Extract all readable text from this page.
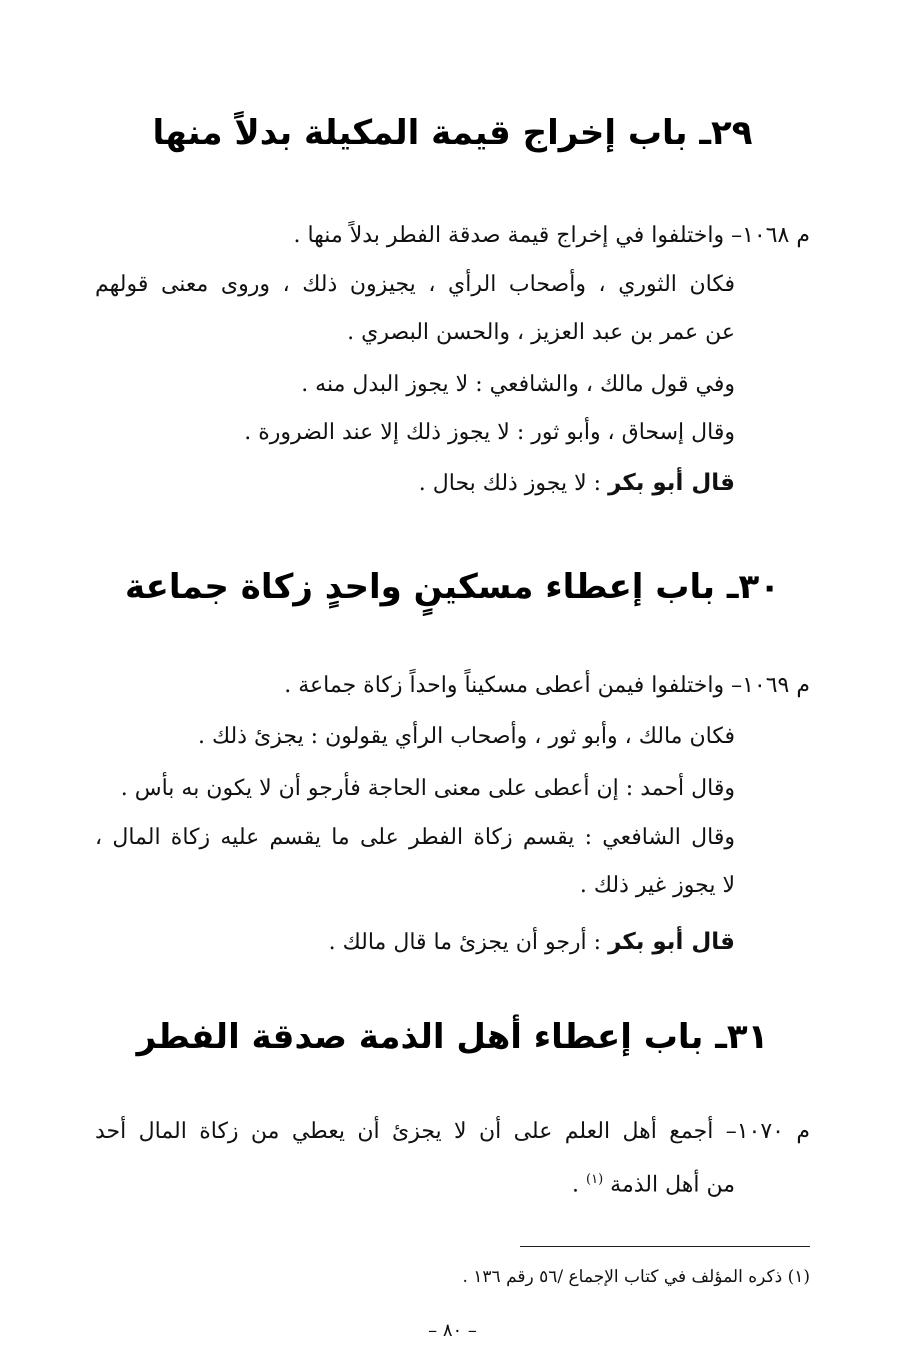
٢٩ـ باب إخراج قيمة المكيلة بدلاً منها
م ١٠٦٨– واختلفوا في إخراج قيمة صدقة الفطر بدلاً منها .
فكان الثوري ، وأصحاب الرأي ، يجيزون ذلك ، وروى معنى قولهم
عن عمر بن عبد العزيز ، والحسن البصري .
وفي قول مالك ، والشافعي : لا يجوز البدل منه .
وقال إسحاق ، وأبو ثور : لا يجوز ذلك إلا عند الضرورة .
قال أبو بكر : لا يجوز ذلك بحال .
٣٠ـ باب إعطاء مسكينٍ واحدٍ زكاة جماعة
م ١٠٦٩– واختلفوا فيمن أعطى مسكيناً واحداً زكاة جماعة .
فكان مالك ، وأبو ثور ، وأصحاب الرأي يقولون : يجزئ ذلك .
وقال أحمد : إن أعطى على معنى الحاجة فأرجو أن لا يكون به بأس .
وقال الشافعي : يقسم زكاة الفطر على ما يقسم عليه زكاة المال ،
لا يجوز غير ذلك .
قال أبو بكر : أرجو أن يجزئ ما قال مالك .
٣١ـ باب إعطاء أهل الذمة صدقة الفطر
م ١٠٧٠– أجمع أهل العلم على أن لا يجزئ أن يعطي من زكاة المال أحد
من أهل الذمة $^{(١)}$ .
(١) ذكره المؤلف في كتاب الإجماع /٥٦ رقم ١٣٦ .
– ٨٠ –
